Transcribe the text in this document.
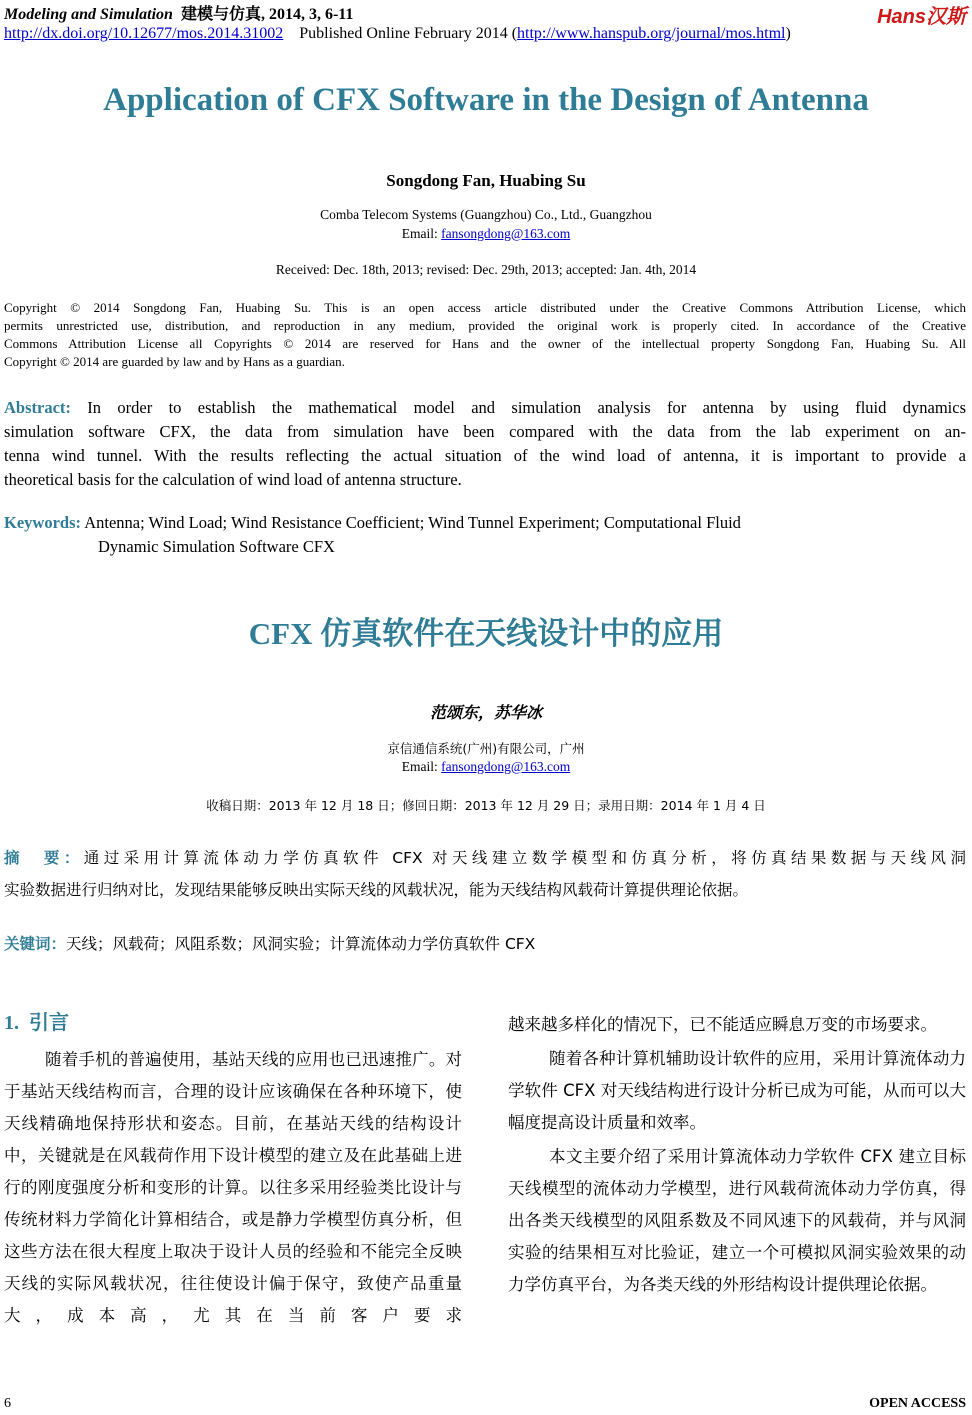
Modeling and Simulation 建模与仿真, 2014, 3, 6-11	Hans汉斯
http://dx.doi.org/10.12677/mos.2014.31002 Published Online February 2014 (http://www.hanspub.org/journal/mos.html)
Application of CFX Software in the Design of Antenna
Songdong Fan, Huabing Su
Comba Telecom Systems (Guangzhou) Co., Ltd., Guangzhou
Email: fansongdong@163.com
Received: Dec. 18th, 2013; revised: Dec. 29th, 2013; accepted: Jan. 4th, 2014
Copyright © 2014 Songdong Fan, Huabing Su. This is an open access article distributed under the Creative Commons Attribution License, which
permits unrestricted use, distribution, and reproduction in any medium, provided the original work is properly cited. In accordance of the Creative
Commons Attribution License all Copyrights © 2014 are reserved for Hans and the owner of the intellectual property Songdong Fan, Huabing Su. All
Copyright © 2014 are guarded by law and by Hans as a guardian.
Abstract: In order to establish the mathematical model and simulation analysis for antenna by using fluid dynamics
simulation software CFX, the data from simulation have been compared with the data from the lab experiment on an-
tenna wind tunnel. With the results reflecting the actual situation of the wind load of antenna, it is important to provide a
theoretical basis for the calculation of wind load of antenna structure.
Keywords: Antenna; Wind Load; Wind Resistance Coefficient; Wind Tunnel Experiment; Computational Fluid
Dynamic Simulation Software CFX
CFX 仿真软件在天线设计中的应用
范颂东，苏华冰
京信通信系统(广州)有限公司，广州
Email: fansongdong@163.com
收稿日期：2013 年 12 月 18 日；修回日期：2013 年 12 月 29 日；录用日期：2014 年 1 月 4 日
摘　要：通过采用计算流体动力学仿真软件 CFX 对天线建立数学模型和仿真分析，将仿真结果数据与天线风洞
实验数据进行归纳对比，发现结果能够反映出实际天线的风载状况，能为天线结构风载荷计算提供理论依据。
关键词：天线；风载荷；风阻系数；风洞实验；计算流体动力学仿真软件 CFX
1. 引言

随着手机的普遍使用，基站天线的应用也已迅速推广。对于基站天线结构而言，合理的设计应该确保在各种环境下，使天线精确地保持形状和姿态。目前，在基站天线的结构设计中，关键就是在风载荷作用下设计模型的建立及在此基础上进行的刚度强度分析和变形的计算。以往多采用经验类比设计与传统材料力学简化计算相结合，或是静力学模型仿真分析，但这些方法在很大程度上取决于设计人员的经验和不能完全反映天线的实际风载状况，往往使设计偏于保守，致使产品重量大，成本高，尤其在当前客户要求

越来越多样化的情况下，已不能适应瞬息万变的市场要求。

随着各种计算机辅助设计软件的应用，采用计算流体动力学软件 CFX 对天线结构进行设计分析已成为可能，从而可以大幅度提高设计质量和效率。

本文主要介绍了采用计算流体动力学软件 CFX 建立目标天线模型的流体动力学模型，进行风载荷流体动力学仿真，得出各类天线模型的风阻系数及不同风速下的风载荷，并与风洞实验的结果相互对比验证，建立一个可模拟风洞实验效果的动力学仿真平台，为各类天线的外形结构设计提供理论依据。

6	OPEN ACCESS
